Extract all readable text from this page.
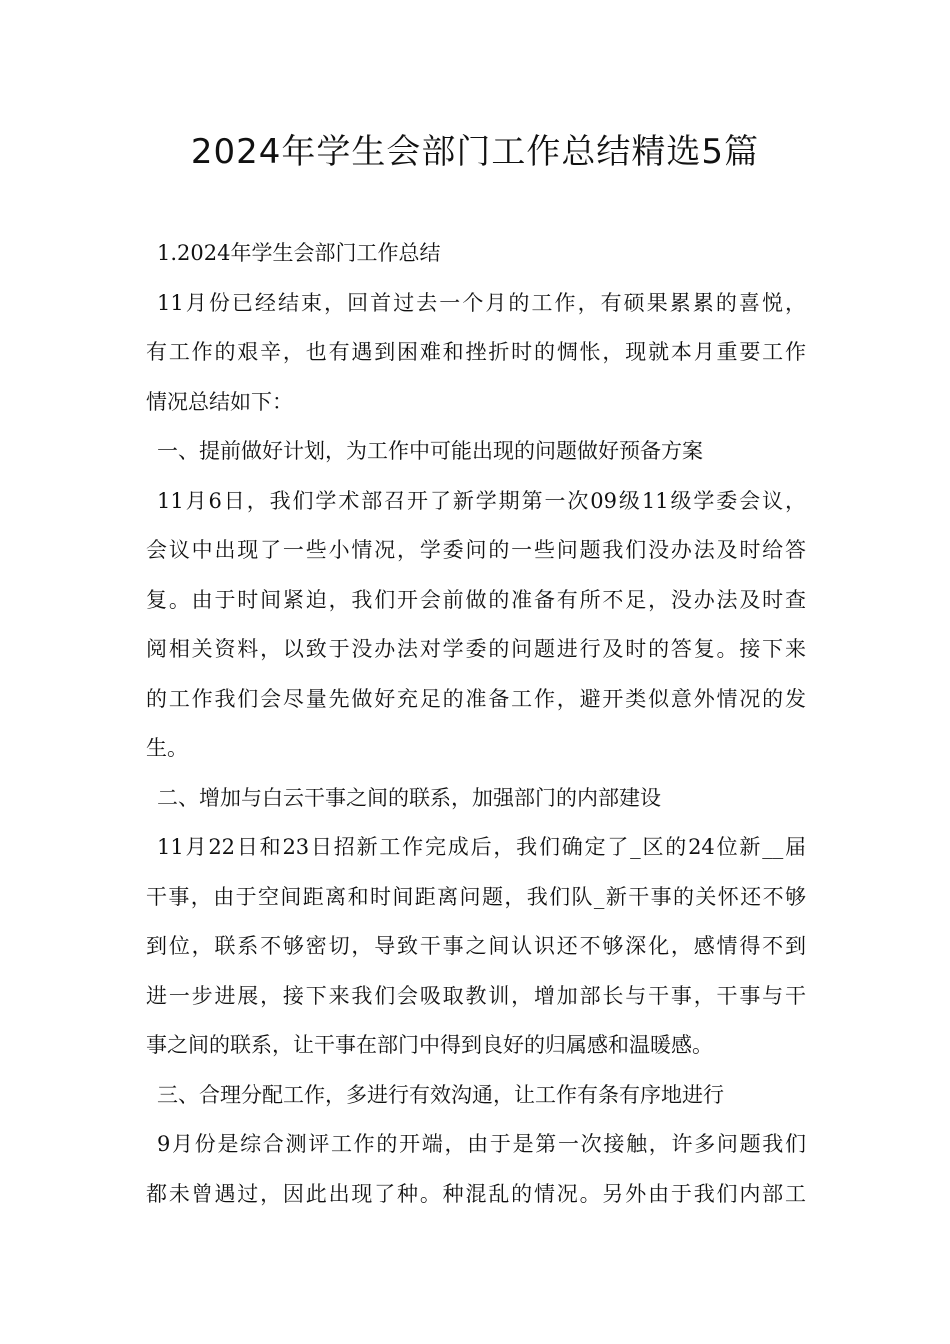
2024年学生会部门工作总结精选5篇
1.2024年学生会部门工作总结
11月份已经结束，回首过去一个月的工作，有硕果累累的喜悦，
有工作的艰辛，也有遇到困难和挫折时的惆怅，现就本月重要工作
情况总结如下：
一、提前做好计划，为工作中可能出现的问题做好预备方案
11月6日，我们学术部召开了新学期第一次09级11级学委会议，
会议中出现了一些小情况，学委问的一些问题我们没办法及时给答
复。由于时间紧迫，我们开会前做的准备有所不足，没办法及时查
阅相关资料，以致于没办法对学委的问题进行及时的答复。接下来
的工作我们会尽量先做好充足的准备工作，避开类似意外情况的发
生。
二、增加与白云干事之间的联系，加强部门的内部建设
11月22日和23日招新工作完成后，我们确定了_区的24位新__届
干事，由于空间距离和时间距离问题，我们队_新干事的关怀还不够
到位，联系不够密切，导致干事之间认识还不够深化，感情得不到
进一步进展，接下来我们会吸取教训，增加部长与干事，干事与干
事之间的联系，让干事在部门中得到良好的归属感和温暖感。
三、合理分配工作，多进行有效沟通，让工作有条有序地进行
9月份是综合测评工作的开端，由于是第一次接触，许多问题我们
都未曾遇过，因此出现了种。种混乱的情况。另外由于我们内部工
